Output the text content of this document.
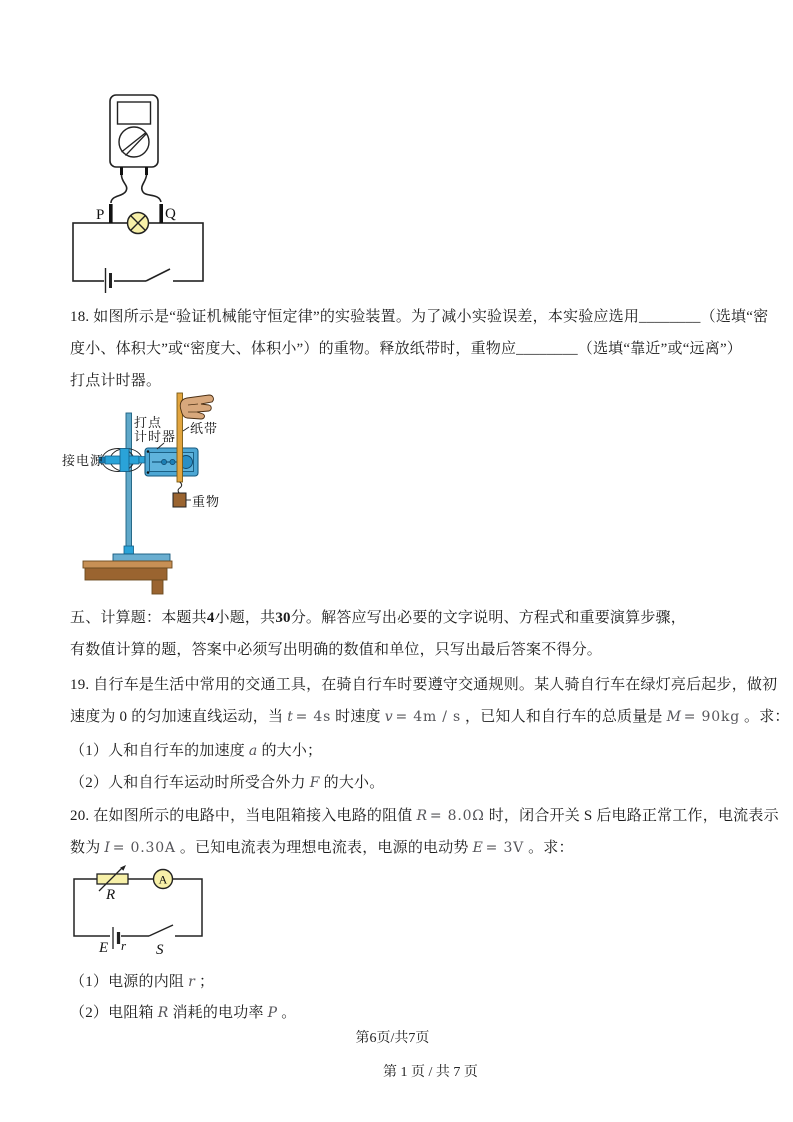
P	Q
18. 如图所示是“验证机械能守恒定律”的实验装置。为了减小实验误差，本实验应选用________（选填“密
度小、体积大”或“密度大、体积小”）的重物。释放纸带时，重物应________（选填“靠近”或“远离”）
打点计时器。
打点
计时器
纸带
接电源
重物
五、计算题：本题共4小题，共30分。解答应写出必要的文字说明、方程式和重要演算步骤，
有数值计算的题，答案中必须写出明确的数值和单位，只写出最后答案不得分。
19. 自行车是生活中常用的交通工具，在骑自行车时要遵守交通规则。某人骑自行车在绿灯亮后起步，做初
速度为 0 的匀加速直线运动，当 t = 4s 时速度 v = 4m / s ，已知人和自行车的总质量是 M = 90kg 。求：
（1）人和自行车的加速度 a 的大小；
（2）人和自行车运动时所受合外力 F 的大小。
20. 在如图所示的电路中，当电阻箱接入电路的阻值 R = 8.0Ω 时，闭合开关 S 后电路正常工作，电流表示
数为 I = 0.30A 。已知电流表为理想电流表，电源的电动势 E = 3V 。求：
R
A
E r S
（1）电源的内阻 r ；
（2）电阻箱 R 消耗的电功率 P 。
第6页/共7页
第 1 页 / 共 7 页
